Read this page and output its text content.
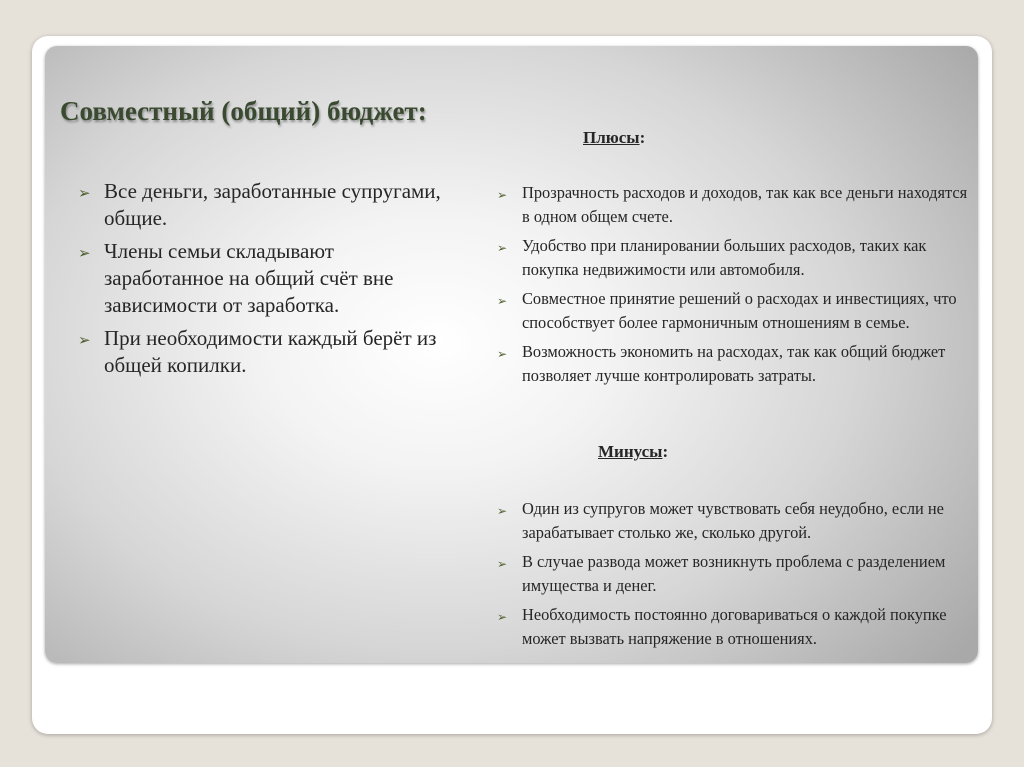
Совместный (общий) бюджет:
➢ Все деньги, заработанные супругами, общие.
➢ Члены семьи складывают заработанное на общий счёт вне зависимости от заработка.
➢ При необходимости каждый берёт из общей копилки.
Плюсы:
➢ Прозрачность расходов и доходов, так как все деньги находятся в одном общем счете.
➢ Удобство при планировании больших расходов, таких как покупка недвижимости или автомобиля.
➢ Совместное принятие решений о расходах и инвестициях, что способствует более гармоничным отношениям в семье.
➢ Возможность экономить на расходах, так как общий бюджет позволяет лучше контролировать затраты.
Минусы:
➢ Один из супругов может чувствовать себя неудобно, если не зарабатывает столько же, сколько другой.
➢ В случае развода может возникнуть проблема с разделением имущества и денег.
➢ Необходимость постоянно договариваться о каждой покупке может вызвать напряжение в отношениях.
